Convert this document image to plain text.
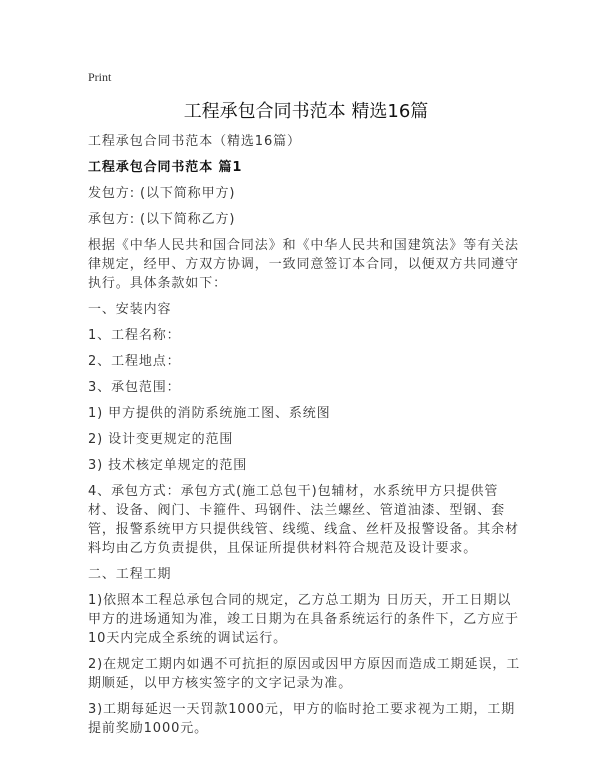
Print
工程承包合同书范本 精选16篇

工程承包合同书范本（精选16篇）

工程承包合同书范本 篇1

发包方: (以下简称甲方)

承包方: (以下简称乙方)

根据《中华人民共和国合同法》和《中华人民共和国建筑法》等有关法律规定，经甲、方双方协调，一致同意签订本合同，以便双方共同遵守执行。具体条款如下：

一、安装内容

1、工程名称：

2、工程地点：

3、承包范围：

1) 甲方提供的消防系统施工图、系统图

2) 设计变更规定的范围

3) 技术核定单规定的范围

4、承包方式：承包方式(施工总包干)包辅材，水系统甲方只提供管材、设备、阀门、卡箍件、玛钢件、法兰螺丝、管道油漆、型钢、套管，报警系统甲方只提供线管、线缆、线盒、丝杆及报警设备。其余材料均由乙方负责提供，且保证所提供材料符合规范及设计要求。

二、工程工期

1)依照本工程总承包合同的规定，乙方总工期为 日历天，开工日期以甲方的进场通知为准，竣工日期为在具备系统运行的条件下，乙方应于10天内完成全系统的调试运行。

2)在规定工期内如遇不可抗拒的原因或因甲方原因而造成工期延误，工期顺延，以甲方核实签字的文字记录为准。

3)工期每延迟一天罚款1000元，甲方的临时抢工要求视为工期，工期提前奖励1000元。
